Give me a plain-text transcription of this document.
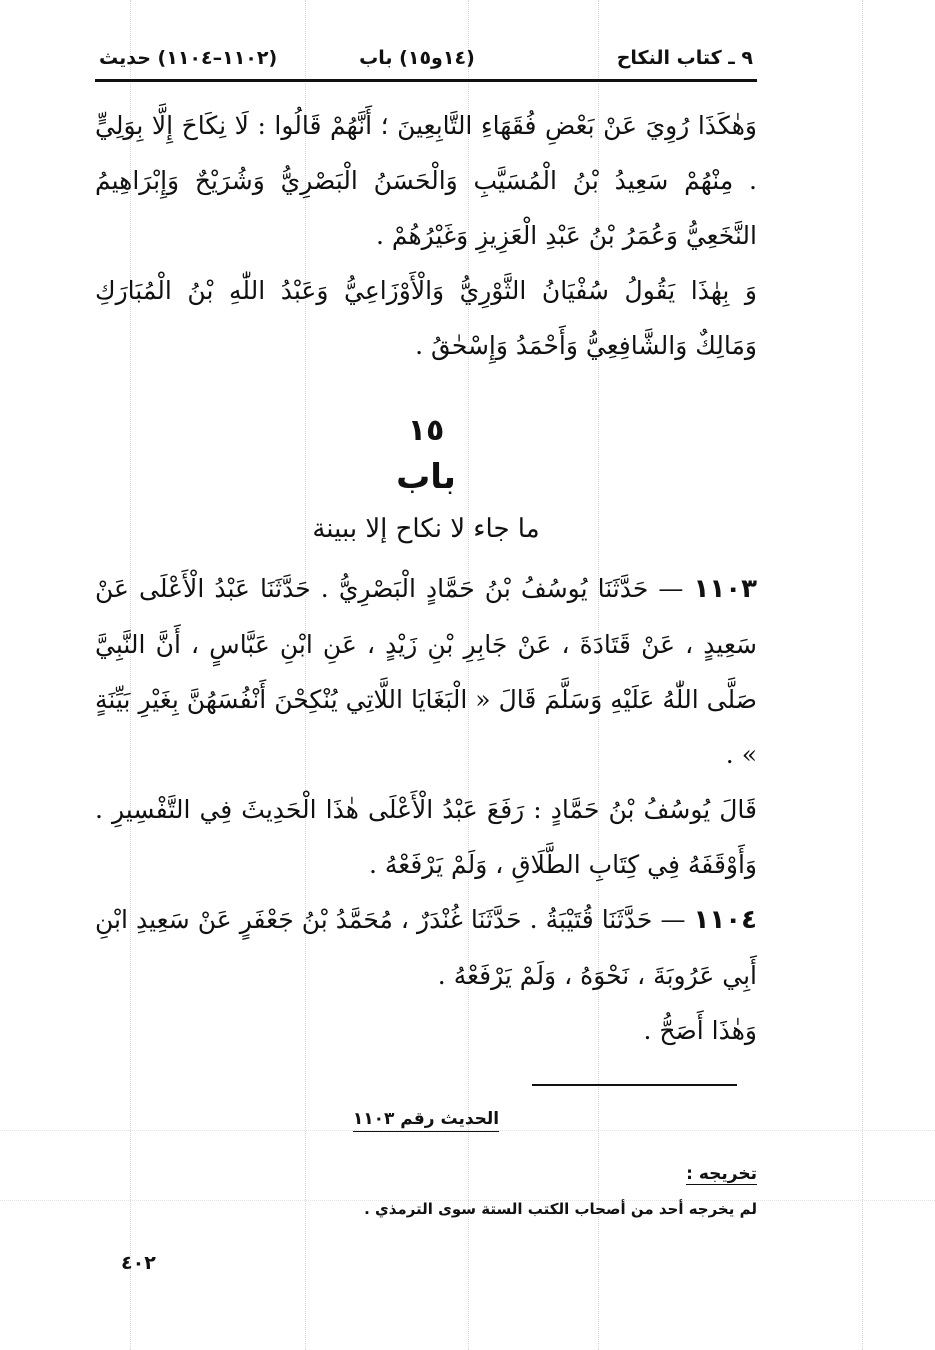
٩ ـ كتاب النكاح
(١٤و١٥) باب
(١١٠٢–١١٠٤) حديث

وَهٰكَذَا رُوِيَ عَنْ بَعْضِ فُقَهَاءِ التَّابِعِينَ ؛ أَنَّهُمْ قَالُوا : لَا نِكَاحَ إِلَّا بِوَلِيٍّ . مِنْهُمْ سَعِيدُ بْنُ الْمُسَيَّبِ وَالْحَسَنُ الْبَصْرِيُّ وَشُرَيْحٌ وَإِبْرَاهِيمُ النَّخَعِيُّ وَعُمَرُ بْنُ عَبْدِ الْعَزِيزِ وَغَيْرُهُمْ .

وَ بِهٰذَا يَقُولُ سُفْيَانُ الثَّوْرِيُّ وَالْأَوْزَاعِيُّ وَعَبْدُ اللّٰهِ بْنُ الْمُبَارَكِ وَمَالِكٌ وَالشَّافِعِيُّ وَأَحْمَدُ وَإِسْحٰقُ .

١٥
باب
ما جاء لا نكاح إلا ببينة

١١٠٣ — حَدَّثَنَا يُوسُفُ بْنُ حَمَّادٍ الْبَصْرِيُّ . حَدَّثَنَا عَبْدُ الْأَعْلَى عَنْ سَعِيدٍ ، عَنْ قَتَادَةَ ، عَنْ جَابِرِ بْنِ زَيْدٍ ، عَنِ ابْنِ عَبَّاسٍ ، أَنَّ النَّبِيَّ صَلَّى اللّٰهُ عَلَيْهِ وَسَلَّمَ قَالَ « الْبَغَايَا اللَّاتِي يُنْكِحْنَ أَنْفُسَهُنَّ بِغَيْرِ بَيِّنَةٍ » .

قَالَ يُوسُفُ بْنُ حَمَّادٍ : رَفَعَ عَبْدُ الْأَعْلَى هٰذَا الْحَدِيثَ فِي التَّفْسِيرِ . وَأَوْقَفَهُ فِي كِتَابِ الطَّلَاقِ ، وَلَمْ يَرْفَعْهُ .

١١٠٤ — حَدَّثَنَا قُتَيْبَةُ . حَدَّثَنَا غُنْدَرٌ ، مُحَمَّدُ بْنُ جَعْفَرٍ عَنْ سَعِيدِ ابْنِ أَبِي عَرُوبَةَ ، نَحْوَهُ ، وَلَمْ يَرْفَعْهُ .

وَهٰذَا أَصَحُّ .

الحديث رقم ١١٠٣
تخريجه :
لم يخرجه أحد من أصحاب الكتب الستة سوى الترمذي .
٤٠٢
